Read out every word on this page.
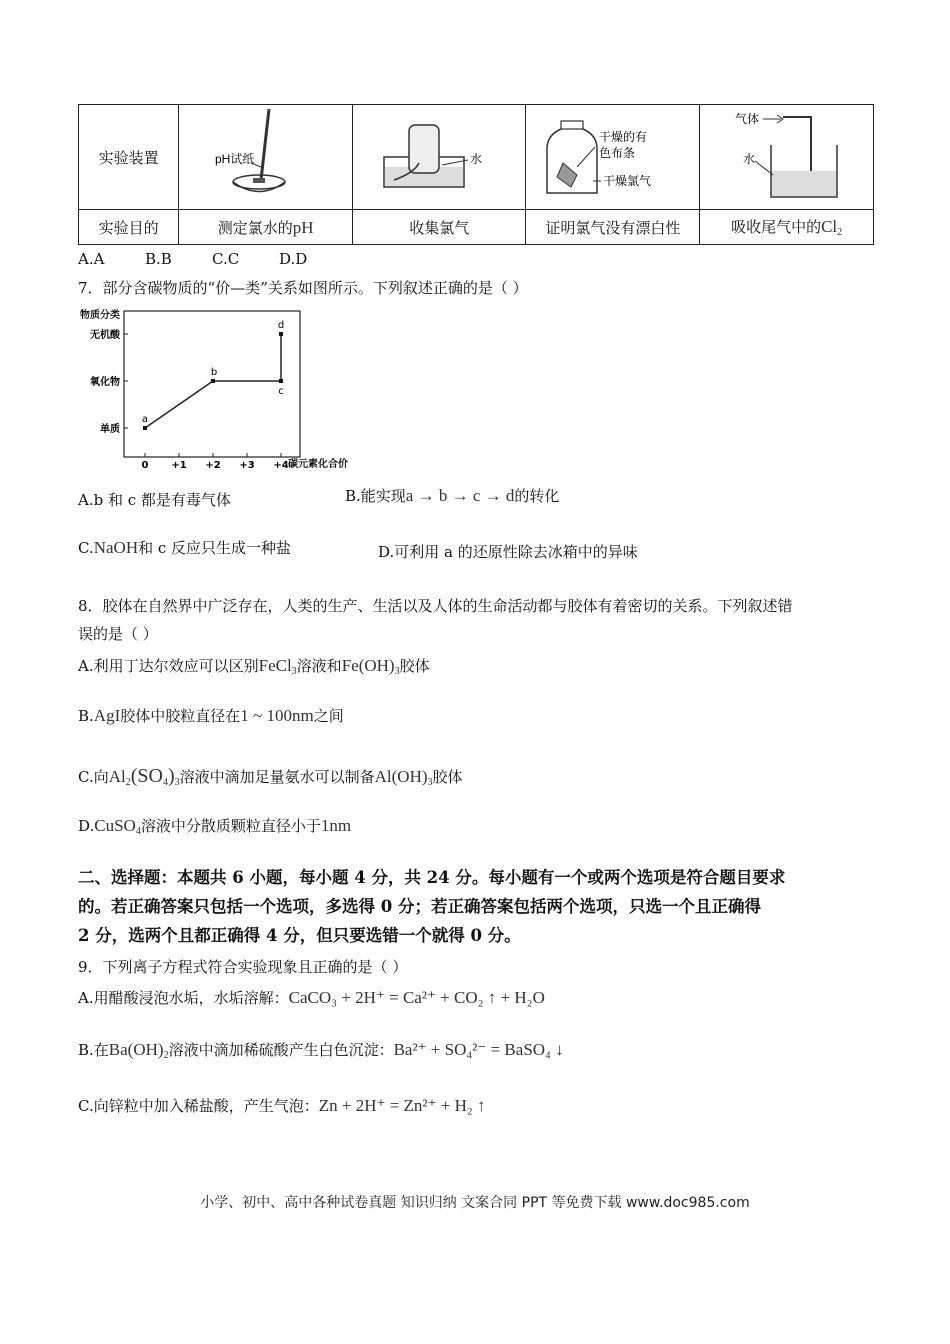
实验装置	pH试纸	水	干燥的有
色布条
干燥氯气	气体
水

实验目的	测定氯水的pH	收集氯气	证明氯气没有漂白性	吸收尾气中的$Cl_2$
A.A	B.B	C.C	D.D
7．部分含碳物质的“价—类”关系如图所示。下列叙述正确的是（ ）
物质分类
碳元素化合价
0 +1 +2 +3 +4
单质
氧化物
无机酸
a
b
c
d
A.b 和 c 都是有毒气体	B.能实现a → b → c → d的转化
C.NaOH和 c 反应只生成一种盐	D.可利用 a 的还原性除去冰箱中的异味
8．胶体在自然界中广泛存在，人类的生产、生活以及人体的生命活动都与胶体有着密切的关系。下列叙述错
误的是（ ）
A.利用丁达尔效应可以区别FeCl$_3$溶液和$Fe(OH)_3$胶体
B.AgI胶体中胶粒直径在1 ~ 100nm之间
C.向$Al_2(SO_4)_3$溶液中滴加足量氨水可以制备$Al(OH)_3$胶体
D.CuSO$_4$溶液中分散质颗粒直径小于1nm
二、选择题：本题共 6 小题，每小题 4 分，共 24 分。每小题有一个或两个选项是符合题目要求
的。若正确答案只包括一个选项，多选得 0 分；若正确答案包括两个选项，只选一个且正确得
2 分，选两个且都正确得 4 分，但只要选错一个就得 0 分。
9．下列离子方程式符合实验现象且正确的是（ ）
A.用醋酸浸泡水垢，水垢溶解：CaCO₃ + 2H⁺ = Ca²⁺ + CO₂ ↑ + H₂O
B.在$Ba(OH)_2$溶液中滴加稀硫酸产生白色沉淀：Ba²⁺ + SO₄²⁻ = BaSO₄ ↓
C.向锌粒中加入稀盐酸，产生气泡：Zn + 2H⁺ = Zn²⁺ + H₂ ↑
小学、初中、高中各种试卷真题 知识归纳 文案合同 PPT 等免费下载 www.doc985.com
